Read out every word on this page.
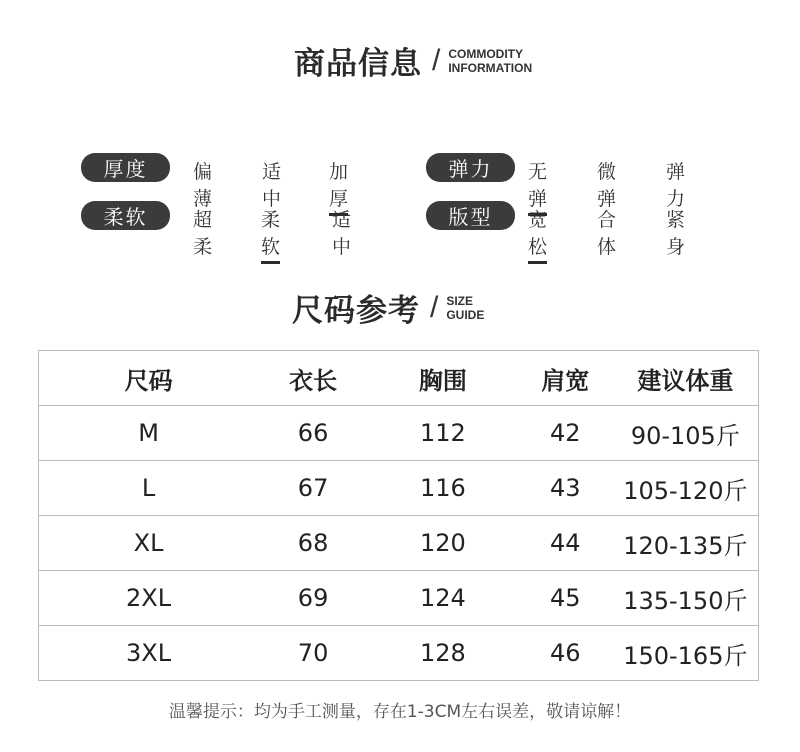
商品信息 / COMMODITY
INFORMATION
厚度	偏薄
适中
加厚
弹力	无弹
微弹
弹力
柔软	超柔
柔软
适中
版型	宽松
合体
紧身
尺码参考 / SIZE
GUIDE
尺码	衣长	胸围	肩宽	建议体重
M	66	112	42	90-105斤
L	67	116	43	105-120斤
XL	68	120	44	120-135斤
2XL	69	124	45	135-150斤
3XL	70	128	46	150-165斤
温馨提示：均为手工测量，存在1-3CM左右误差，敬请谅解！
